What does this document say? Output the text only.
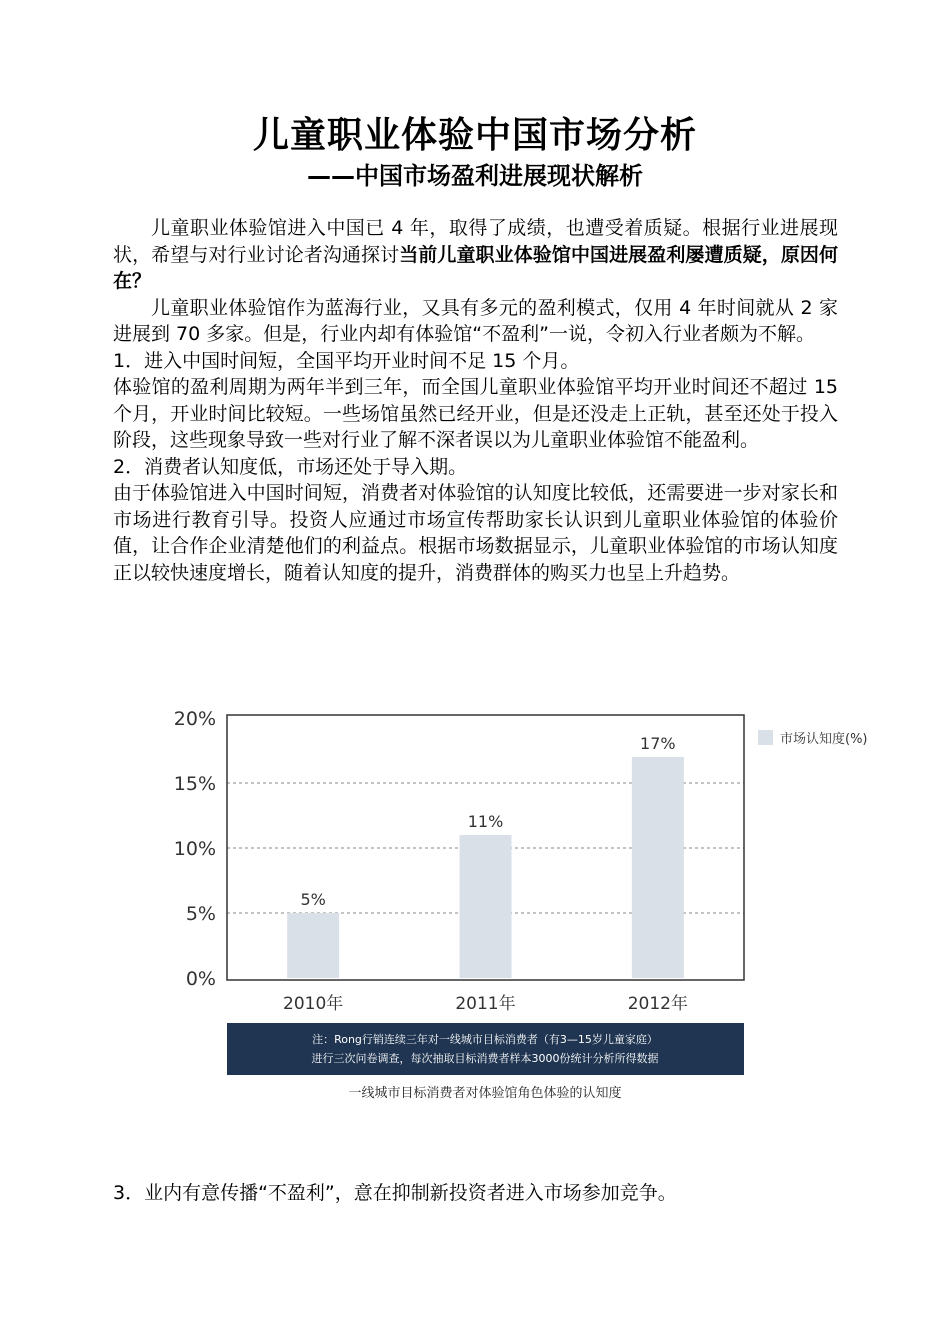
儿童职业体验中国市场分析
——中国市场盈利进展现状解析

儿童职业体验馆进入中国已 4 年，取得了成绩，也遭受着质疑。根据行业进展现状，希望与对行业讨论者沟通探讨当前儿童职业体验馆中国进展盈利屡遭质疑，原因何在？

儿童职业体验馆作为蓝海行业，又具有多元的盈利模式，仅用 4 年时间就从 2 家进展到 70 多家。但是，行业内却有体验馆“不盈利”一说，令初入行业者颇为不解。

1．进入中国时间短，全国平均开业时间不足 15 个月。

体验馆的盈利周期为两年半到三年，而全国儿童职业体验馆平均开业时间还不超过 15 个月，开业时间比较短。一些场馆虽然已经开业，但是还没走上正轨，甚至还处于投入阶段，这些现象导致一些对行业了解不深者误以为儿童职业体验馆不能盈利。

2．消费者认知度低，市场还处于导入期。

由于体验馆进入中国时间短，消费者对体验馆的认知度比较低，还需要进一步对家长和市场进行教育引导。投资人应通过市场宣传帮助家长认识到儿童职业体验馆的体验价值，让合作企业清楚他们的利益点。根据市场数据显示，儿童职业体验馆的市场认知度正以较快速度增长，随着认知度的提升，消费群体的购买力也呈上升趋势。

5%
11%
17%
0%
5%
10%
15%
20%
2010年	2011年	2012年
市场认知度(%)
注：Rong行销连续三年对一线城市目标消费者（有3—15岁儿童家庭）
进行三次问卷调查，每次抽取目标消费者样本3000份统计分析所得数据
一线城市目标消费者对体验馆角色体验的认知度
3．业内有意传播“不盈利”，意在抑制新投资者进入市场参加竞争。
